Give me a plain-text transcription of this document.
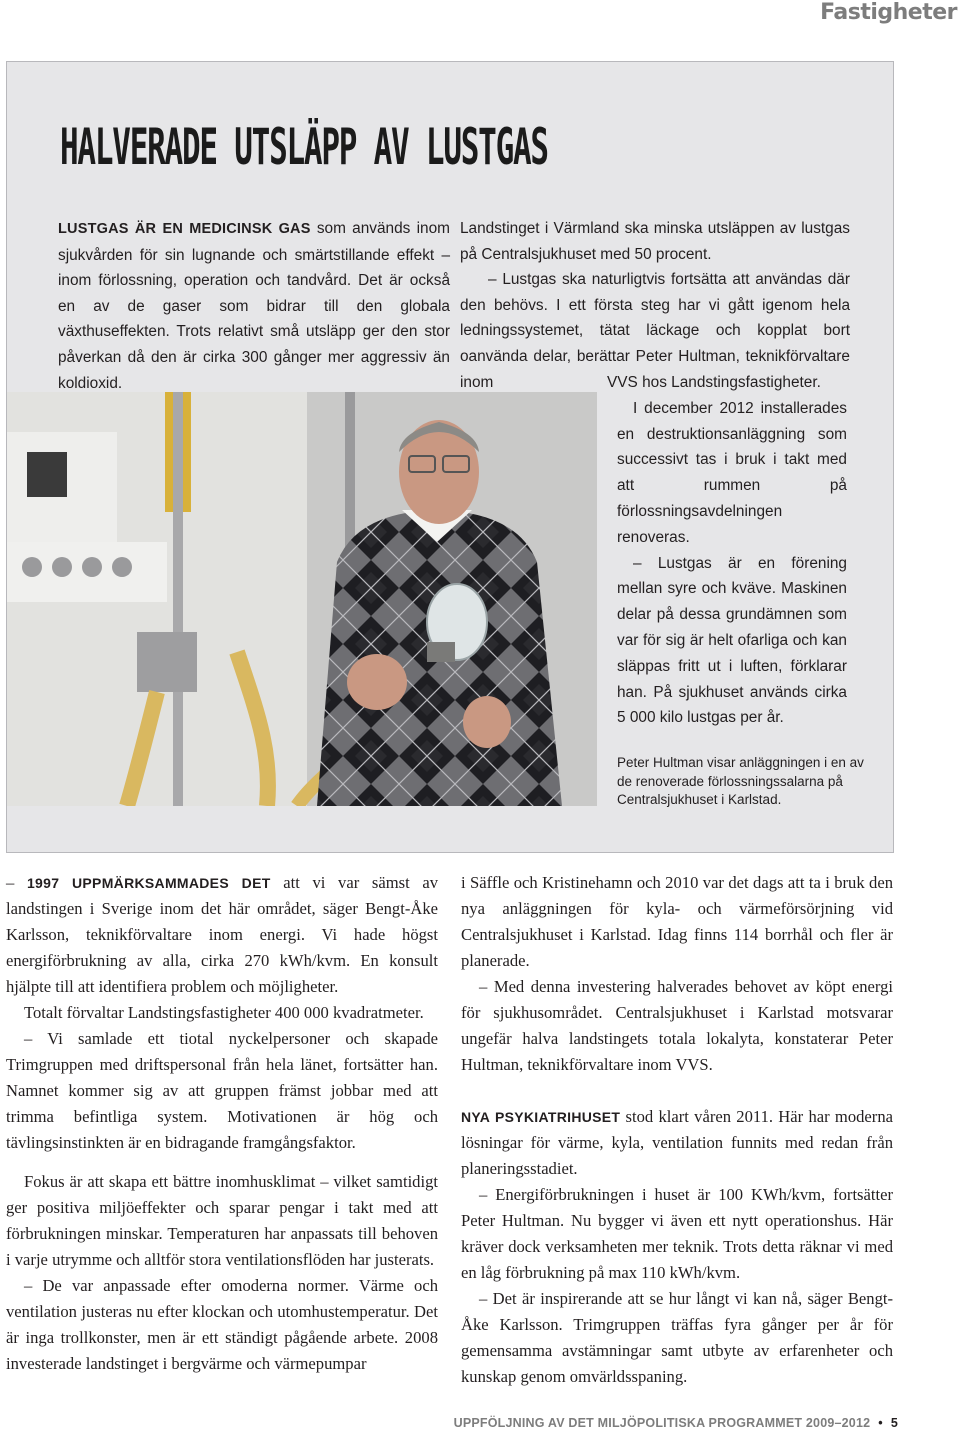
Fastigheter
HALVERADE UTSLÄPP AV LUSTGAS

LUSTGAS ÄR EN MEDICINSK GAS som används inom sjukvården för sin lugnande och smärtstillande effekt – inom förlossning, operation och tandvård. Det är också en av de gaser som bidrar till den globala växthuseffekten. Trots relativt små utsläpp ger den stor påverkan då den är cirka 300 gånger mer aggressiv än koldioxid.

Landstinget i Värmland ska minska utsläppen av lustgas på Centralsjukhuset med 50 procent.

– Lustgas ska naturligtvis fortsätta att användas där den behövs. I ett första steg har vi gått igenom hela ledningssystemet, tätat läckage och kopplat bort oanvända delar, berättar Peter Hultman, teknikförvaltare inom	VVS hos Landstingsfastigheter.

I december 2012 installerades en destruktionsanläggning som successivt tas i bruk i takt med att rummen på förlossningsavdelningen renoveras.

– Lustgas är en förening mellan syre och kväve. Maskinen delar på dessa grundämnen som var för sig är helt ofarliga och kan släppas fritt ut i luften, förklarar han. På sjukhuset används cirka 5 000 kilo lustgas per år.

Peter Hultman visar anläggningen i en av de renoverade förlossningssalarna på Centralsjukhuset i Karlstad.

– 1997 UPPMÄRKSAMMADES DET att vi var sämst av landstingen i Sverige inom det här området, säger Bengt-Åke Karlsson, teknikförvaltare inom energi. Vi hade högst energiförbrukning av alla, cirka 270 kWh/kvm. En konsult hjälpte till att identifiera problem och möjligheter.

Totalt förvaltar Landstingsfastigheter 400 000 kvadratmeter.

– Vi samlade ett tiotal nyckelpersoner och skapade Trimgruppen med driftspersonal från hela länet, fortsätter han. Namnet kommer sig av att gruppen främst jobbar med att trimma befintliga system. Motivationen är hög och tävlingsinstinkten är en bidragande framgångsfaktor.

Fokus är att skapa ett bättre inomhusklimat – vilket samtidigt ger positiva miljöeffekter och sparar pengar i takt med att förbrukningen minskar. Temperaturen har anpassats till behoven i varje utrymme och alltför stora ventilationsflöden har justerats.

– De var anpassade efter omoderna normer. Värme och ventilation justeras nu efter klockan och utomhustemperatur. Det är inga trollkonster, men är ett ständigt pågående arbete. 2008 investerade landstinget i bergvärme och värmepumpar

i Säffle och Kristinehamn och 2010 var det dags att ta i bruk den nya anläggningen för kyla- och värmeförsörjning vid Centralsjukhuset i Karlstad. Idag finns 114 borrhål och fler är planerade.

– Med denna investering halverades behovet av köpt energi för sjukhusområdet. Centralsjukhuset i Karlstad motsvarar ungefär halva landstingets totala lokalyta, konstaterar Peter Hultman, teknikförvaltare inom VVS.

NYA PSYKIATRIHUSET stod klart våren 2011. Här har moderna lösningar för värme, kyla, ventilation funnits med redan från planeringsstadiet.

– Energiförbrukningen i huset är 100 KWh/kvm, fortsätter Peter Hultman. Nu bygger vi även ett nytt operationshus. Här kräver dock verksamheten mer teknik. Trots detta räknar vi med en låg förbrukning på max 110 kWh/kvm.

– Det är inspirerande att se hur långt vi kan nå, säger Bengt-Åke Karlsson. Trimgruppen träffas fyra gånger per år för gemensamma avstämningar samt utbyte av erfarenheter och kunskap genom omvärldsspaning.

UPPFÖLJNING AV DET MILJÖPOLITISKA PROGRAMMET 2009–2012 • 5
